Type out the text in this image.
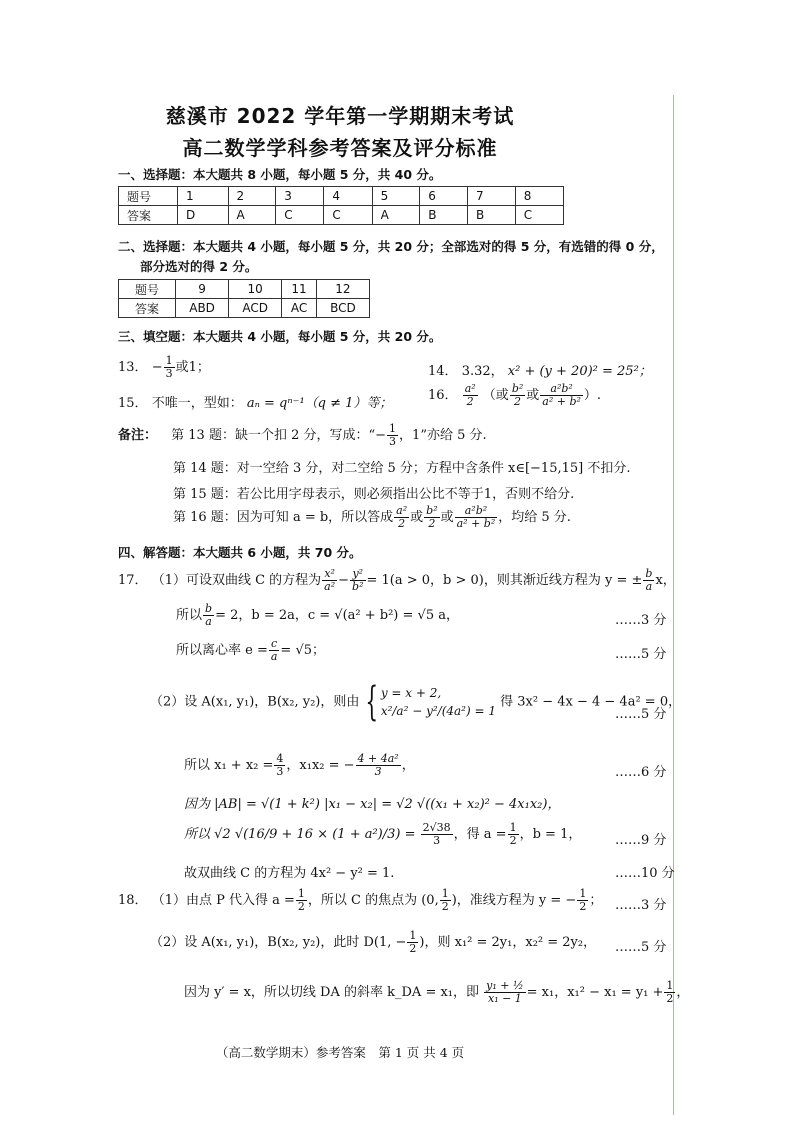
慈溪市 2022 学年第一学期期末考试
高二数学学科参考答案及评分标准
一、选择题：本大题共 8 小题，每小题 5 分，共 40 分。
题号	1	2	3	4	5	6	7	8
答案	D	A	C	C	A	B	B	C
二、选择题：本大题共 4 小题，每小题 5 分，共 20 分；全部选对的得 5 分，有选错的得 0 分，
部分选对的得 2 分。
题号	9	10	11	12
答案	ABD	ACD	AC	BCD
三、填空题：本大题共 4 小题，每小题 5 分，共 20 分。
13． − $\frac{1}{3}$ 或1；	14． 3.32， x² + (y + 20)² = 25²；
15． 不唯一，型如： aₙ = qⁿ⁻¹（q ≠ 1）等；
16． $\frac{\text{a²}}{2}$ （或 $\frac{\text{b²}}{2}$ 或 $\frac{\text{a²b²}}{\text{a² + b²}}$ ）.
备注： 第 13 题：缺一个扣 2 分，写成：“− $\frac{1}{3}$ ，1”亦给 5 分.
第 14 题：对一空给 3 分，对二空给 5 分；方程中含条件 x∈[−15,15] 不扣分.
第 15 题：若公比用字母表示，则必须指出公比不等于1，否则不给分.
第 16 题：因为可知 a = b，所以答成 $\frac{\text{a²}}{2}$ 或 $\frac{\text{b²}}{2}$ 或 $\frac{\text{a²b²}}{\text{a² + b²}}$ ，均给 5 分.
四、解答题：本大题共 6 小题，共 70 分。
17． （1）可设双曲线 C 的方程为 $\frac{\text{x²}}{\text{a²}} - \frac{\text{y²}}{\text{b²}} = 1(a > 0$，b > 0)，则其渐近线方程为 y = ± $\frac{b}{a}$ x，
所以 $\frac{b}{a} = 2$，b = 2a，c = √(a² + b²) = √5 a，	……3 分
所以离心率 $e = \frac{c}{a} = √5$；	……5 分
（2）设 A(x₁, y₁)，B(x₂, y₂)，则由 { y = x + 2,
x²/a² − y²/(4a²) = 1 得 3x² − 4x − 4 − 4a² = 0，
……5 分
所以 $x_1 + x_2 = \frac{4}{3}$ ，x₁x₂ = − $\frac{\text{4 + 4a²}}{3}$ ，	……6 分
因为 |AB| = √(1 + k²) |x₁ − x₂| = √2 √((x₁ + x₂)² − 4x₁x₂)，
所以 √2 $√(16/9 + 16 \times (1 + a^2)/3) = \frac{2√38}{3}$ ，得 $a = \frac{1}{2}$ ，b = 1，	……9 分
故双曲线 C 的方程为 4x² − y² = 1.	……10 分
18． （1）由点 P 代入得 $a = \frac{1}{2}$ ，所以 C 的焦点为 (0, $\frac{1}{2}$ )，准线方程为 y = − $\frac{1}{2}$ ； ……3 分
（2）设 A(x₁, y₁)，B(x₂, y₂)，此时 D(1, − $\frac{1}{2}$ )，则 x₁² = 2y₁，x₂² = 2y₂， ……5 分
因为 y′ = x，所以切线 DA 的斜率 k_DA = x₁，即 $\frac{\text{y₁ + ½}}{\text{x₁ − 1}} = x_1$，$x_1^2 - x_1 = y_1 + \frac{1}{2}$ ，
（高二数学期末）参考答案　第 1 页 共 4 页
